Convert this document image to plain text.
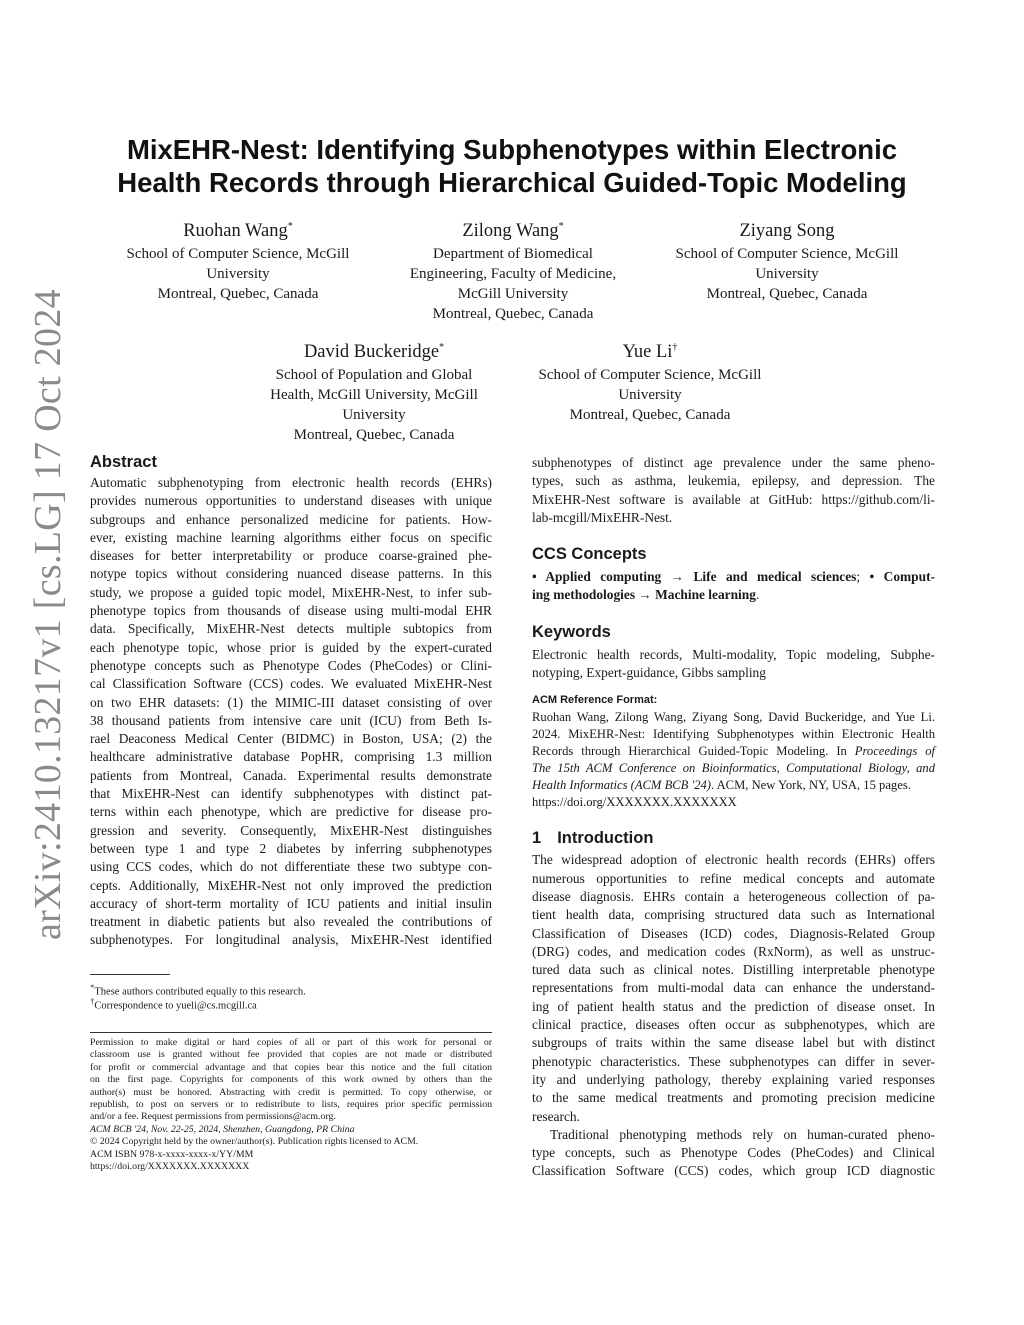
arXiv:2410.13217v1 [cs.LG] 17 Oct 2024
MixEHR-Nest: Identifying Subphenotypes within Electronic
Health Records through Hierarchical Guided-Topic Modeling
Ruohan Wang*
School of Computer Science, McGill
University
Montreal, Quebec, Canada
Zilong Wang*
Department of Biomedical
Engineering, Faculty of Medicine,
McGill University
Montreal, Quebec, Canada
Ziyang Song
School of Computer Science, McGill
University
Montreal, Quebec, Canada
David Buckeridge*
School of Population and Global
Health, McGill University, McGill
University
Montreal, Quebec, Canada
Yue Li†
School of Computer Science, McGill
University
Montreal, Quebec, Canada
Abstract
Automatic subphenotyping from electronic health records (EHRs)
provides numerous opportunities to understand diseases with unique
subgroups and enhance personalized medicine for patients. How-
ever, existing machine learning algorithms either focus on specific
diseases for better interpretability or produce coarse-grained phe-
notype topics without considering nuanced disease patterns. In this
study, we propose a guided topic model, MixEHR-Nest, to infer sub-
phenotype topics from thousands of disease using multi-modal EHR
data. Specifically, MixEHR-Nest detects multiple subtopics from
each phenotype topic, whose prior is guided by the expert-curated
phenotype concepts such as Phenotype Codes (PheCodes) or Clini-
cal Classification Software (CCS) codes. We evaluated MixEHR-Nest
on two EHR datasets: (1) the MIMIC-III dataset consisting of over
38 thousand patients from intensive care unit (ICU) from Beth Is-
rael Deaconess Medical Center (BIDMC) in Boston, USA; (2) the
healthcare administrative database PopHR, comprising 1.3 million
patients from Montreal, Canada. Experimental results demonstrate
that MixEHR-Nest can identify subphenotypes with distinct pat-
terns within each phenotype, which are predictive for disease pro-
gression and severity. Consequently, MixEHR-Nest distinguishes
between type 1 and type 2 diabetes by inferring subphenotypes
using CCS codes, which do not differentiate these two subtype con-
cepts. Additionally, MixEHR-Nest not only improved the prediction
accuracy of short-term mortality of ICU patients and initial insulin
treatment in diabetic patients but also revealed the contributions of
subphenotypes. For longitudinal analysis, MixEHR-Nest identified
*These authors contributed equally to this research.
†Correspondence to yueli@cs.mcgill.ca
Permission to make digital or hard copies of all or part of this work for personal or
classroom use is granted without fee provided that copies are not made or distributed
for profit or commercial advantage and that copies bear this notice and the full citation
on the first page. Copyrights for components of this work owned by others than the
author(s) must be honored. Abstracting with credit is permitted. To copy otherwise, or
republish, to post on servers or to redistribute to lists, requires prior specific permission
and/or a fee. Request permissions from permissions@acm.org.
ACM BCB '24, Nov. 22-25, 2024, Shenzhen, Guangdong, PR China
© 2024 Copyright held by the owner/author(s). Publication rights licensed to ACM.
ACM ISBN 978-x-xxxx-xxxx-x/YY/MM
https://doi.org/XXXXXXX.XXXXXXX
subphenotypes of distinct age prevalence under the same pheno-
types, such as asthma, leukemia, epilepsy, and depression. The
MixEHR-Nest software is available at GitHub: https://github.com/li-
lab-mcgill/MixEHR-Nest.
CCS Concepts
• Applied computing → Life and medical sciences; • Comput-
ing methodologies → Machine learning.
Keywords
Electronic health records, Multi-modality, Topic modeling, Subphe-
notyping, Expert-guidance, Gibbs sampling
ACM Reference Format:
Ruohan Wang, Zilong Wang, Ziyang Song, David Buckeridge, and Yue Li.
2024. MixEHR-Nest: Identifying Subphenotypes within Electronic Health
Records through Hierarchical Guided-Topic Modeling. In Proceedings of
The 15th ACM Conference on Bioinformatics, Computational Biology, and
Health Informatics (ACM BCB '24). ACM, New York, NY, USA, 15 pages.
https://doi.org/XXXXXXX.XXXXXXX
1 Introduction
The widespread adoption of electronic health records (EHRs) offers
numerous opportunities to refine medical concepts and automate
disease diagnosis. EHRs contain a heterogeneous collection of pa-
tient health data, comprising structured data such as International
Classification of Diseases (ICD) codes, Diagnosis-Related Group
(DRG) codes, and medication codes (RxNorm), as well as unstruc-
tured data such as clinical notes. Distilling interpretable phenotype
representations from multi-modal data can enhance the understand-
ing of patient health status and the prediction of disease onset. In
clinical practice, diseases often occur as subphenotypes, which are
subgroups of traits within the same disease label but with distinct
phenotypic characteristics. These subphenotypes can differ in sever-
ity and underlying pathology, thereby explaining varied responses
to the same medical treatments and promoting precision medicine
research.
Traditional phenotyping methods rely on human-curated pheno-
type concepts, such as Phenotype Codes (PheCodes) and Clinical
Classification Software (CCS) codes, which group ICD diagnostic
